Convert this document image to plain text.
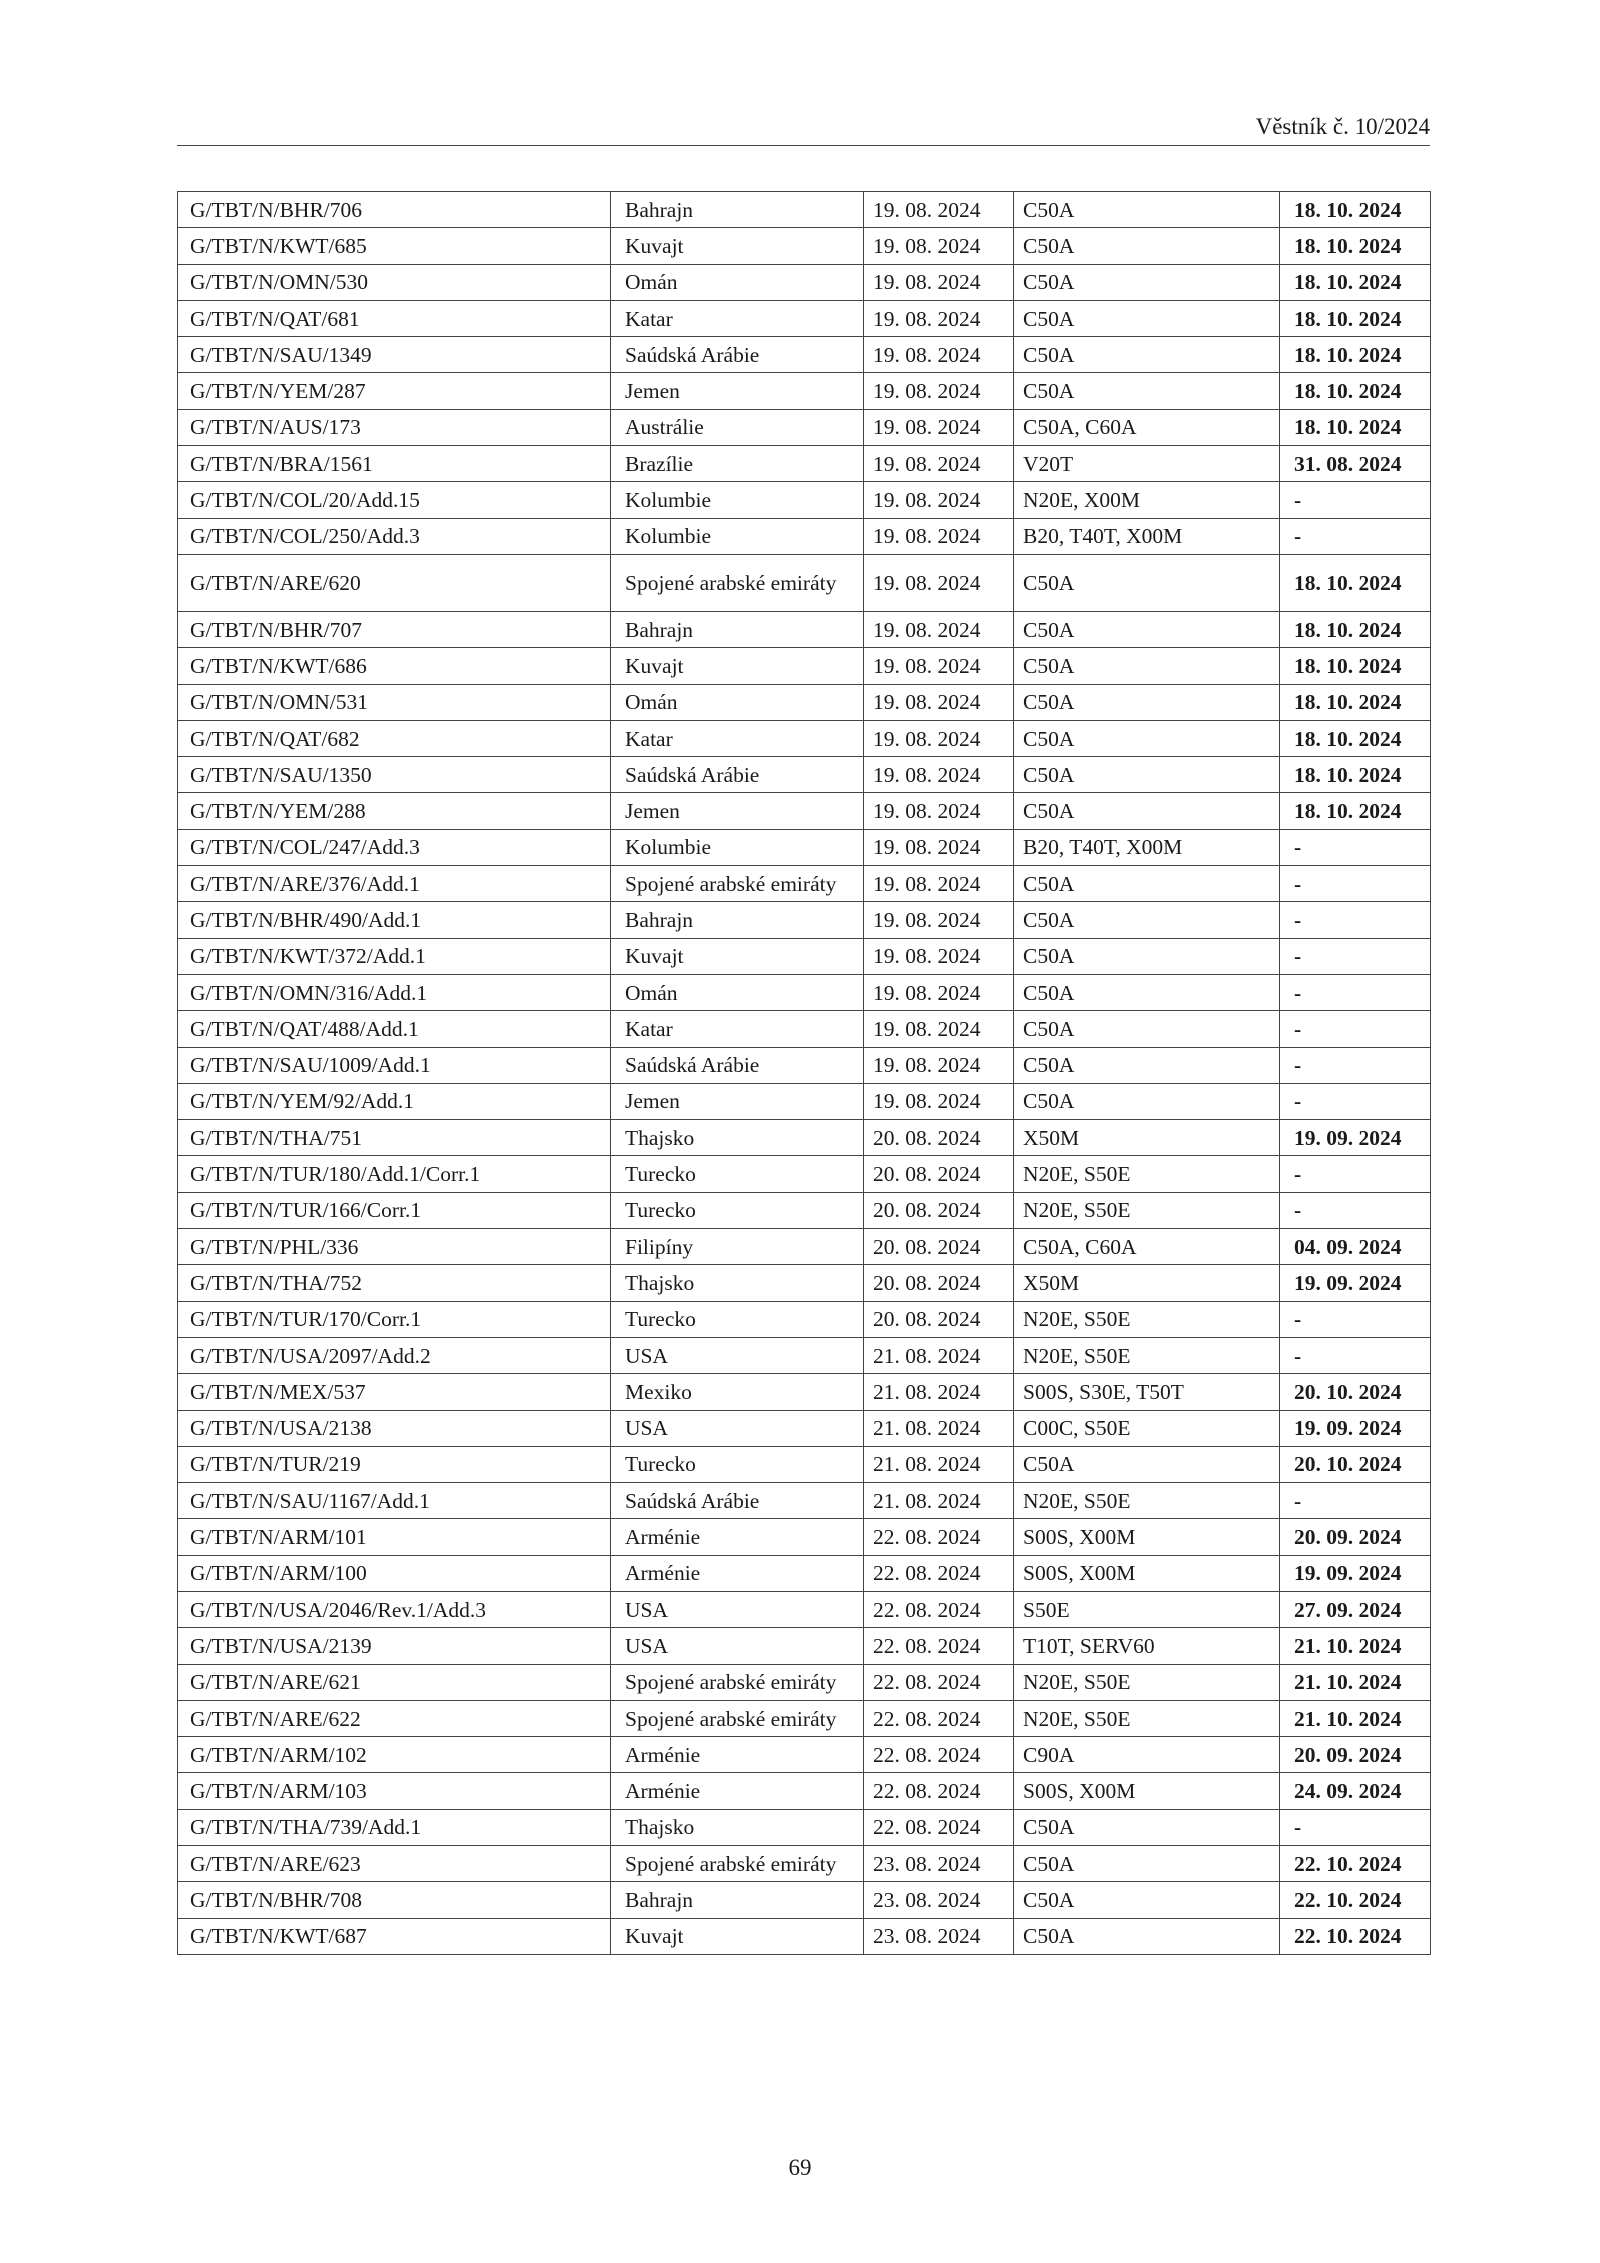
Věstník č. 10/2024
G/TBT/N/BHR/706	Bahrajn	19. 08. 2024	C50A	18. 10. 2024
G/TBT/N/KWT/685	Kuvajt	19. 08. 2024	C50A	18. 10. 2024
G/TBT/N/OMN/530	Omán	19. 08. 2024	C50A	18. 10. 2024
G/TBT/N/QAT/681	Katar	19. 08. 2024	C50A	18. 10. 2024
G/TBT/N/SAU/1349	Saúdská Arábie	19. 08. 2024	C50A	18. 10. 2024
G/TBT/N/YEM/287	Jemen	19. 08. 2024	C50A	18. 10. 2024
G/TBT/N/AUS/173	Austrálie	19. 08. 2024	C50A, C60A	18. 10. 2024
G/TBT/N/BRA/1561	Brazílie	19. 08. 2024	V20T	31. 08. 2024
G/TBT/N/COL/20/Add.15	Kolumbie	19. 08. 2024	N20E, X00M	-
G/TBT/N/COL/250/Add.3	Kolumbie	19. 08. 2024	B20, T40T, X00M	-
G/TBT/N/ARE/620	Spojené arabské emiráty	19. 08. 2024	C50A	18. 10. 2024
G/TBT/N/BHR/707	Bahrajn	19. 08. 2024	C50A	18. 10. 2024
G/TBT/N/KWT/686	Kuvajt	19. 08. 2024	C50A	18. 10. 2024
G/TBT/N/OMN/531	Omán	19. 08. 2024	C50A	18. 10. 2024
G/TBT/N/QAT/682	Katar	19. 08. 2024	C50A	18. 10. 2024
G/TBT/N/SAU/1350	Saúdská Arábie	19. 08. 2024	C50A	18. 10. 2024
G/TBT/N/YEM/288	Jemen	19. 08. 2024	C50A	18. 10. 2024
G/TBT/N/COL/247/Add.3	Kolumbie	19. 08. 2024	B20, T40T, X00M	-
G/TBT/N/ARE/376/Add.1	Spojené arabské emiráty	19. 08. 2024	C50A	-
G/TBT/N/BHR/490/Add.1	Bahrajn	19. 08. 2024	C50A	-
G/TBT/N/KWT/372/Add.1	Kuvajt	19. 08. 2024	C50A	-
G/TBT/N/OMN/316/Add.1	Omán	19. 08. 2024	C50A	-
G/TBT/N/QAT/488/Add.1	Katar	19. 08. 2024	C50A	-
G/TBT/N/SAU/1009/Add.1	Saúdská Arábie	19. 08. 2024	C50A	-
G/TBT/N/YEM/92/Add.1	Jemen	19. 08. 2024	C50A	-
G/TBT/N/THA/751	Thajsko	20. 08. 2024	X50M	19. 09. 2024
G/TBT/N/TUR/180/Add.1/Corr.1	Turecko	20. 08. 2024	N20E, S50E	-
G/TBT/N/TUR/166/Corr.1	Turecko	20. 08. 2024	N20E, S50E	-
G/TBT/N/PHL/336	Filipíny	20. 08. 2024	C50A, C60A	04. 09. 2024
G/TBT/N/THA/752	Thajsko	20. 08. 2024	X50M	19. 09. 2024
G/TBT/N/TUR/170/Corr.1	Turecko	20. 08. 2024	N20E, S50E	-
G/TBT/N/USA/2097/Add.2	USA	21. 08. 2024	N20E, S50E	-
G/TBT/N/MEX/537	Mexiko	21. 08. 2024	S00S, S30E, T50T	20. 10. 2024
G/TBT/N/USA/2138	USA	21. 08. 2024	C00C, S50E	19. 09. 2024
G/TBT/N/TUR/219	Turecko	21. 08. 2024	C50A	20. 10. 2024
G/TBT/N/SAU/1167/Add.1	Saúdská Arábie	21. 08. 2024	N20E, S50E	-
G/TBT/N/ARM/101	Arménie	22. 08. 2024	S00S, X00M	20. 09. 2024
G/TBT/N/ARM/100	Arménie	22. 08. 2024	S00S, X00M	19. 09. 2024
G/TBT/N/USA/2046/Rev.1/Add.3	USA	22. 08. 2024	S50E	27. 09. 2024
G/TBT/N/USA/2139	USA	22. 08. 2024	T10T, SERV60	21. 10. 2024
G/TBT/N/ARE/621	Spojené arabské emiráty	22. 08. 2024	N20E, S50E	21. 10. 2024
G/TBT/N/ARE/622	Spojené arabské emiráty	22. 08. 2024	N20E, S50E	21. 10. 2024
G/TBT/N/ARM/102	Arménie	22. 08. 2024	C90A	20. 09. 2024
G/TBT/N/ARM/103	Arménie	22. 08. 2024	S00S, X00M	24. 09. 2024
G/TBT/N/THA/739/Add.1	Thajsko	22. 08. 2024	C50A	-
G/TBT/N/ARE/623	Spojené arabské emiráty	23. 08. 2024	C50A	22. 10. 2024
G/TBT/N/BHR/708	Bahrajn	23. 08. 2024	C50A	22. 10. 2024
G/TBT/N/KWT/687	Kuvajt	23. 08. 2024	C50A	22. 10. 2024
69
